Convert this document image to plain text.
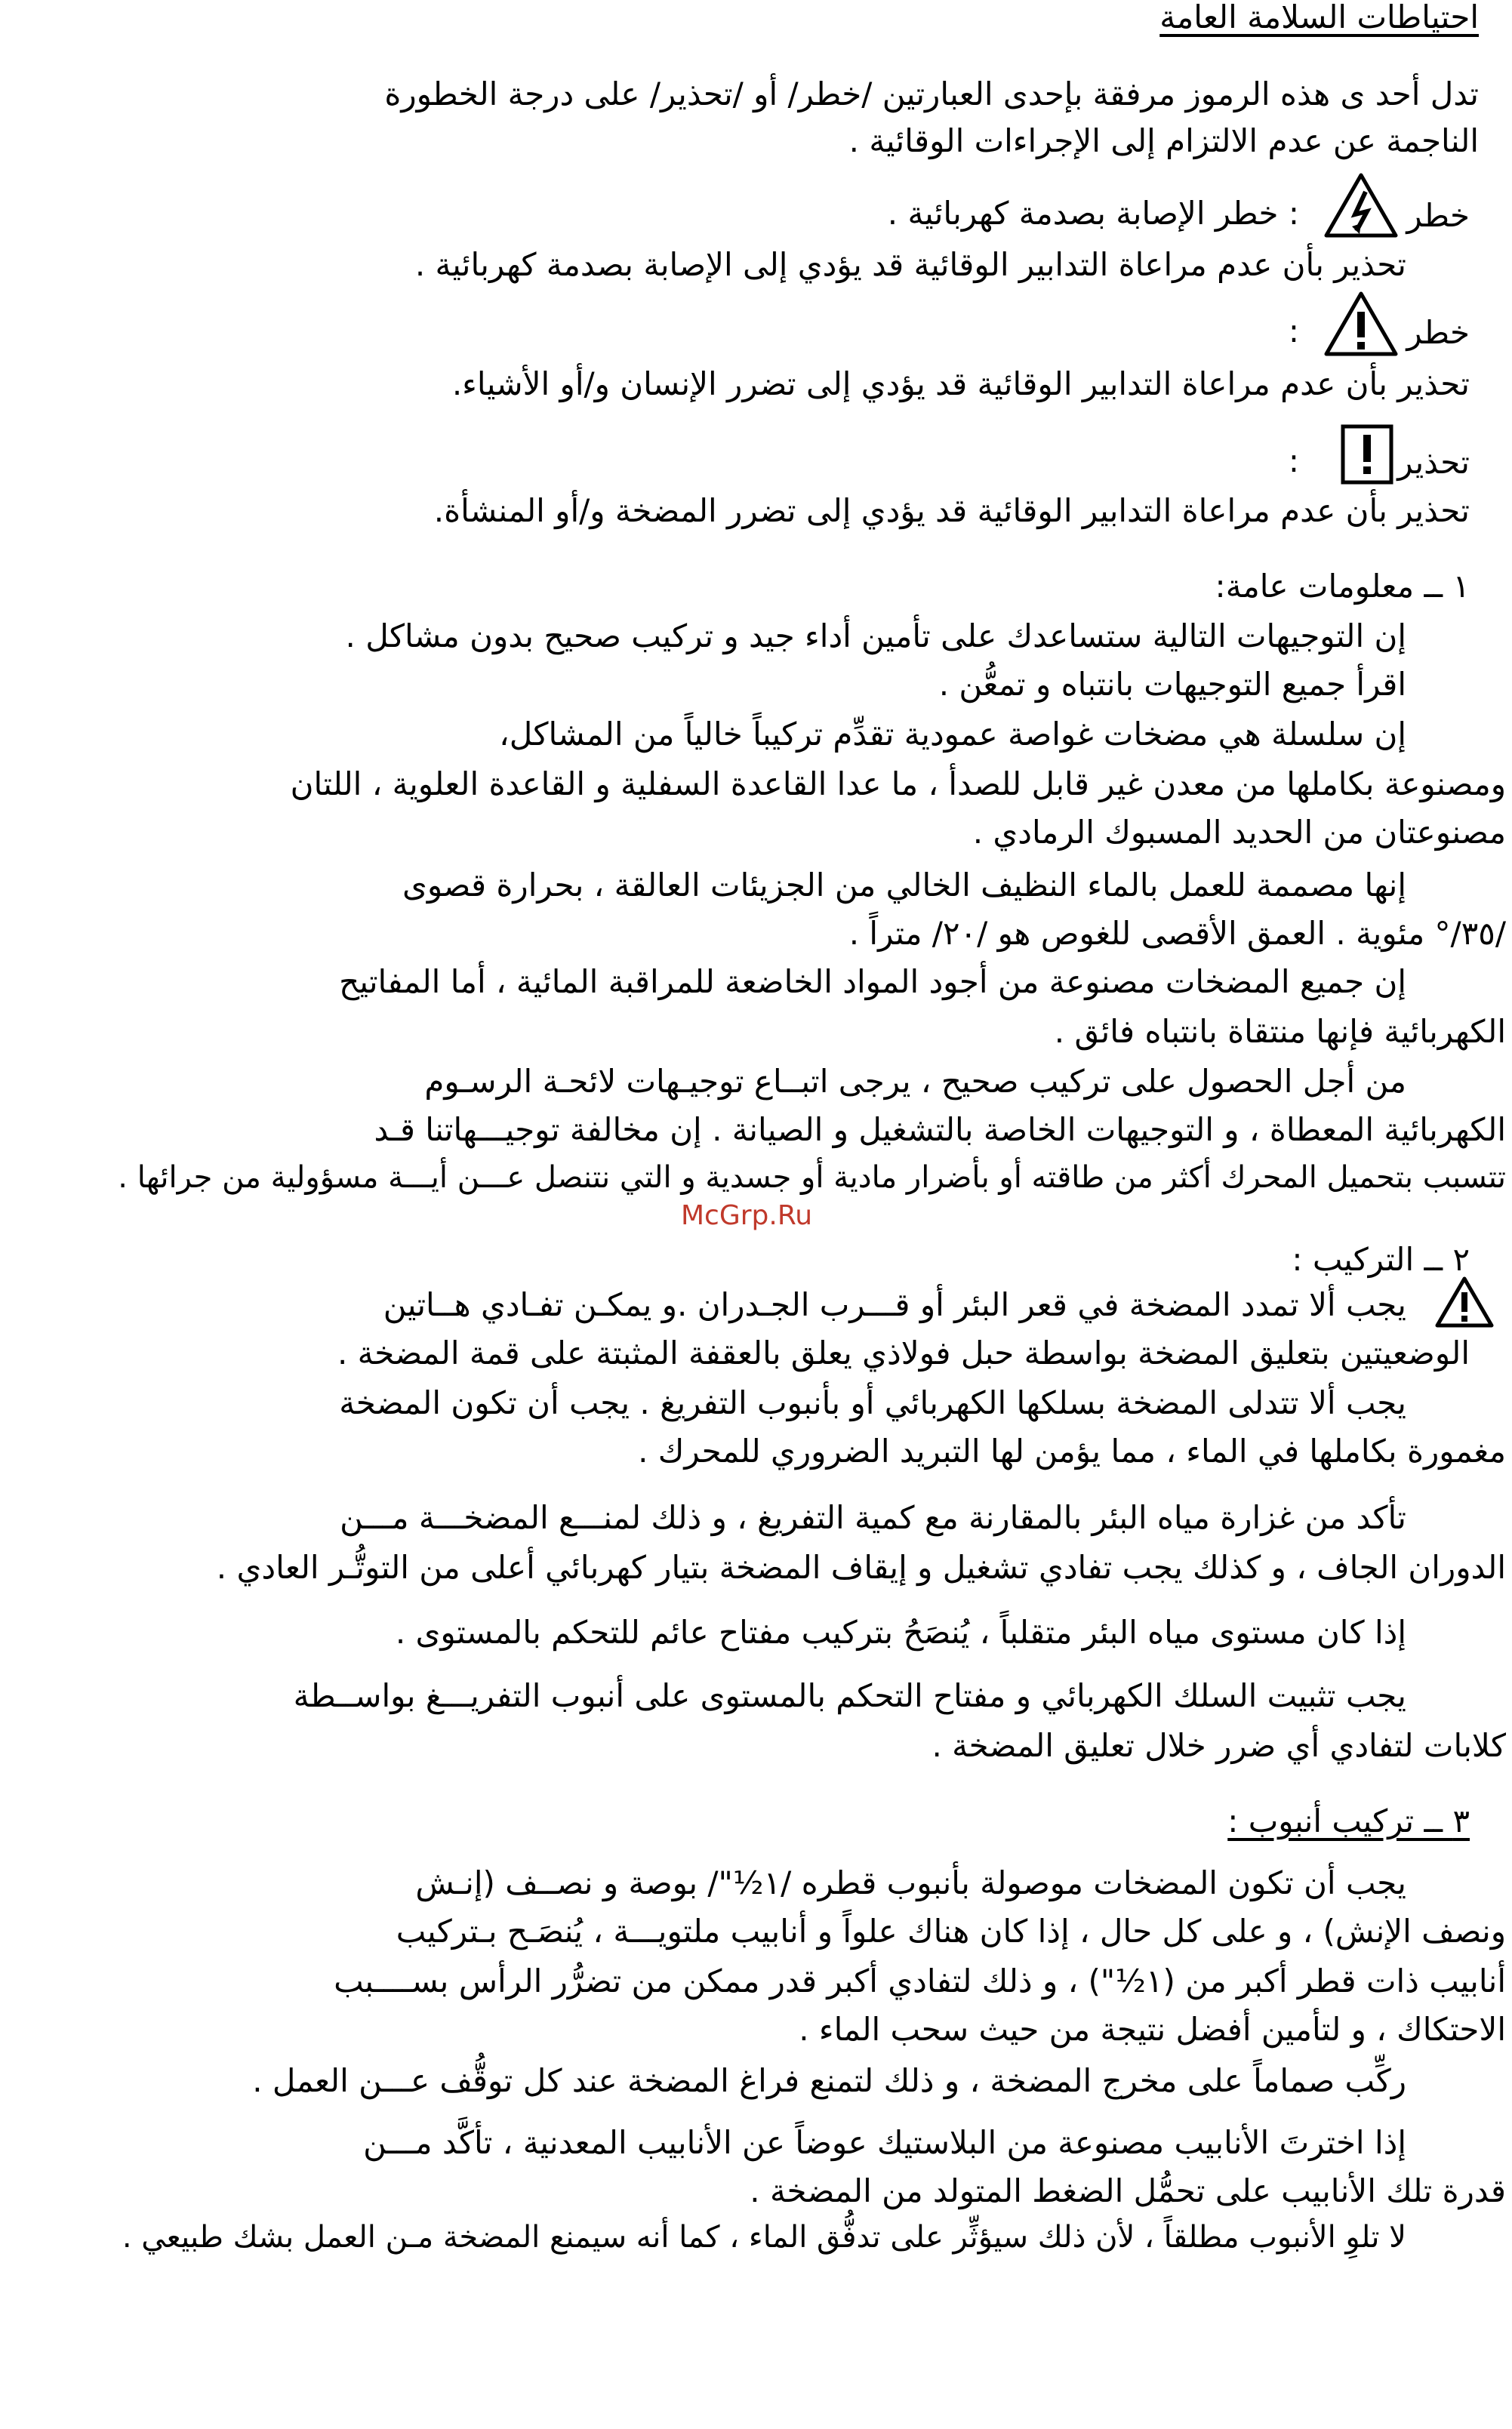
احتياطات السلامة العامة
تدل أحد ى هذه الرموز مرفقة بإحدى العبارتين /خطر/ أو /تحذير/ على درجة الخطورة
الناجمة عن عدم الالتزام إلى الإجراءات الوقائية .
خطر
: خطر الإصابة بصدمة كهربائية .
تحذير بأن عدم مراعاة التدابير الوقائية قد يؤدي إلى الإصابة بصدمة كهربائية .
خطر
:
تحذير بأن عدم مراعاة التدابير الوقائية قد يؤدي إلى تضرر الإنسان و/أو الأشياء.
تحذير
:
تحذير بأن عدم مراعاة التدابير الوقائية قد يؤدي إلى تضرر المضخة و/أو المنشأة.
١ ــ معلومات عامة:
إن التوجيهات التالية ستساعدك على تأمين أداء جيد و تركيب صحيح بدون مشاكل .
اقرأ جميع التوجيهات بانتباه و تمعُّن .
إن سلسلة هي مضخات غواصة عمودية تقدِّم تركيباً خالياً من المشاكل،
ومصنوعة بكاملها من معدن غير قابل للصدأ ، ما عدا القاعدة السفلية و القاعدة العلوية ، اللتان
مصنوعتان من الحديد المسبوك الرمادي .
إنها مصممة للعمل بالماء النظيف الخالي من الجزيئات العالقة ، بحرارة قصوى
/٣٥/° مئوية . العمق الأقصى للغوص هو /٢٠/ متراً .
إن جميع المضخات مصنوعة من أجود المواد الخاضعة للمراقبة المائية ، أما المفاتيح
الكهربائية فإنها منتقاة بانتباه فائق .
من أجل الحصول على تركيب صحيح ، يرجى اتبــاع توجيـهات لائحـة الرسـوم
الكهربائية المعطاة ، و التوجيهات الخاصة بالتشغيل و الصيانة . إن مخالفة توجيـــهاتنا قـد
تتسبب بتحميل المحرك أكثر من طاقته أو بأضرار مادية أو جسدية و التي نتنصل عـــن أيـــة مسؤولية من جرائها .
McGrp.Ru
٢ ــ التركيب :
يجب ألا تمدد المضخة في قعر البئر أو قـــرب الجـدران .و يمكـن تفـادي هــاتين
الوضعيتين بتعليق المضخة بواسطة حبل فولاذي يعلق بالعقفة المثبتة على قمة المضخة .
يجب ألا تتدلى المضخة بسلكها الكهربائي أو بأنبوب التفريغ . يجب أن تكون المضخة
مغمورة بكاملها في الماء ، مما يؤمن لها التبريد الضروري للمحرك .
تأكد من غزارة مياه البئر بالمقارنة مع كمية التفريغ ، و ذلك لمنـــع المضخـــة مـــن
الدوران الجاف ، و كذلك يجب تفادي تشغيل و إيقاف المضخة بتيار كهربائي أعلى من التوتُّـر العادي .
إذا كان مستوى مياه البئر متقلباً ، يُنصَحُ بتركيب مفتاح عائم للتحكم بالمستوى .
يجب تثبيت السلك الكهربائي و مفتاح التحكم بالمستوى على أنبوب التفريـــغ بواســطة
كلابات لتفادي أي ضرر خلال تعليق المضخة .
٣ ــ تركيب أنبوب :
يجب أن تكون المضخات موصولة بأنبوب قطره /١½"/ بوصة و نصــف (إنـش
ونصف الإنش) ، و على كل حال ، إذا كان هناك علواً و أنابيب ملتويـــة ، يُنصَـح بـتركيب
أنابيب ذات قطر أكبر من (١½") ، و ذلك لتفادي أكبر قدر ممكن من تضرُّر الرأس بســــبب
الاحتكاك ، و لتأمين أفضل نتيجة من حيث سحب الماء .
ركِّب صماماً على مخرج المضخة ، و ذلك لتمنع فراغ المضخة عند كل توقُّف عـــن العمل .
إذا اخترتَ الأنابيب مصنوعة من البلاستيك عوضاً عن الأنابيب المعدنية ، تأكَّد مـــن
قدرة تلك الأنابيب على تحمُّل الضغط المتولد من المضخة .
لا تلوِ الأنبوب مطلقاً ، لأن ذلك سيؤثِّر على تدفُّق الماء ، كما أنه سيمنع المضخة مـن العمل بشك طبيعي .
